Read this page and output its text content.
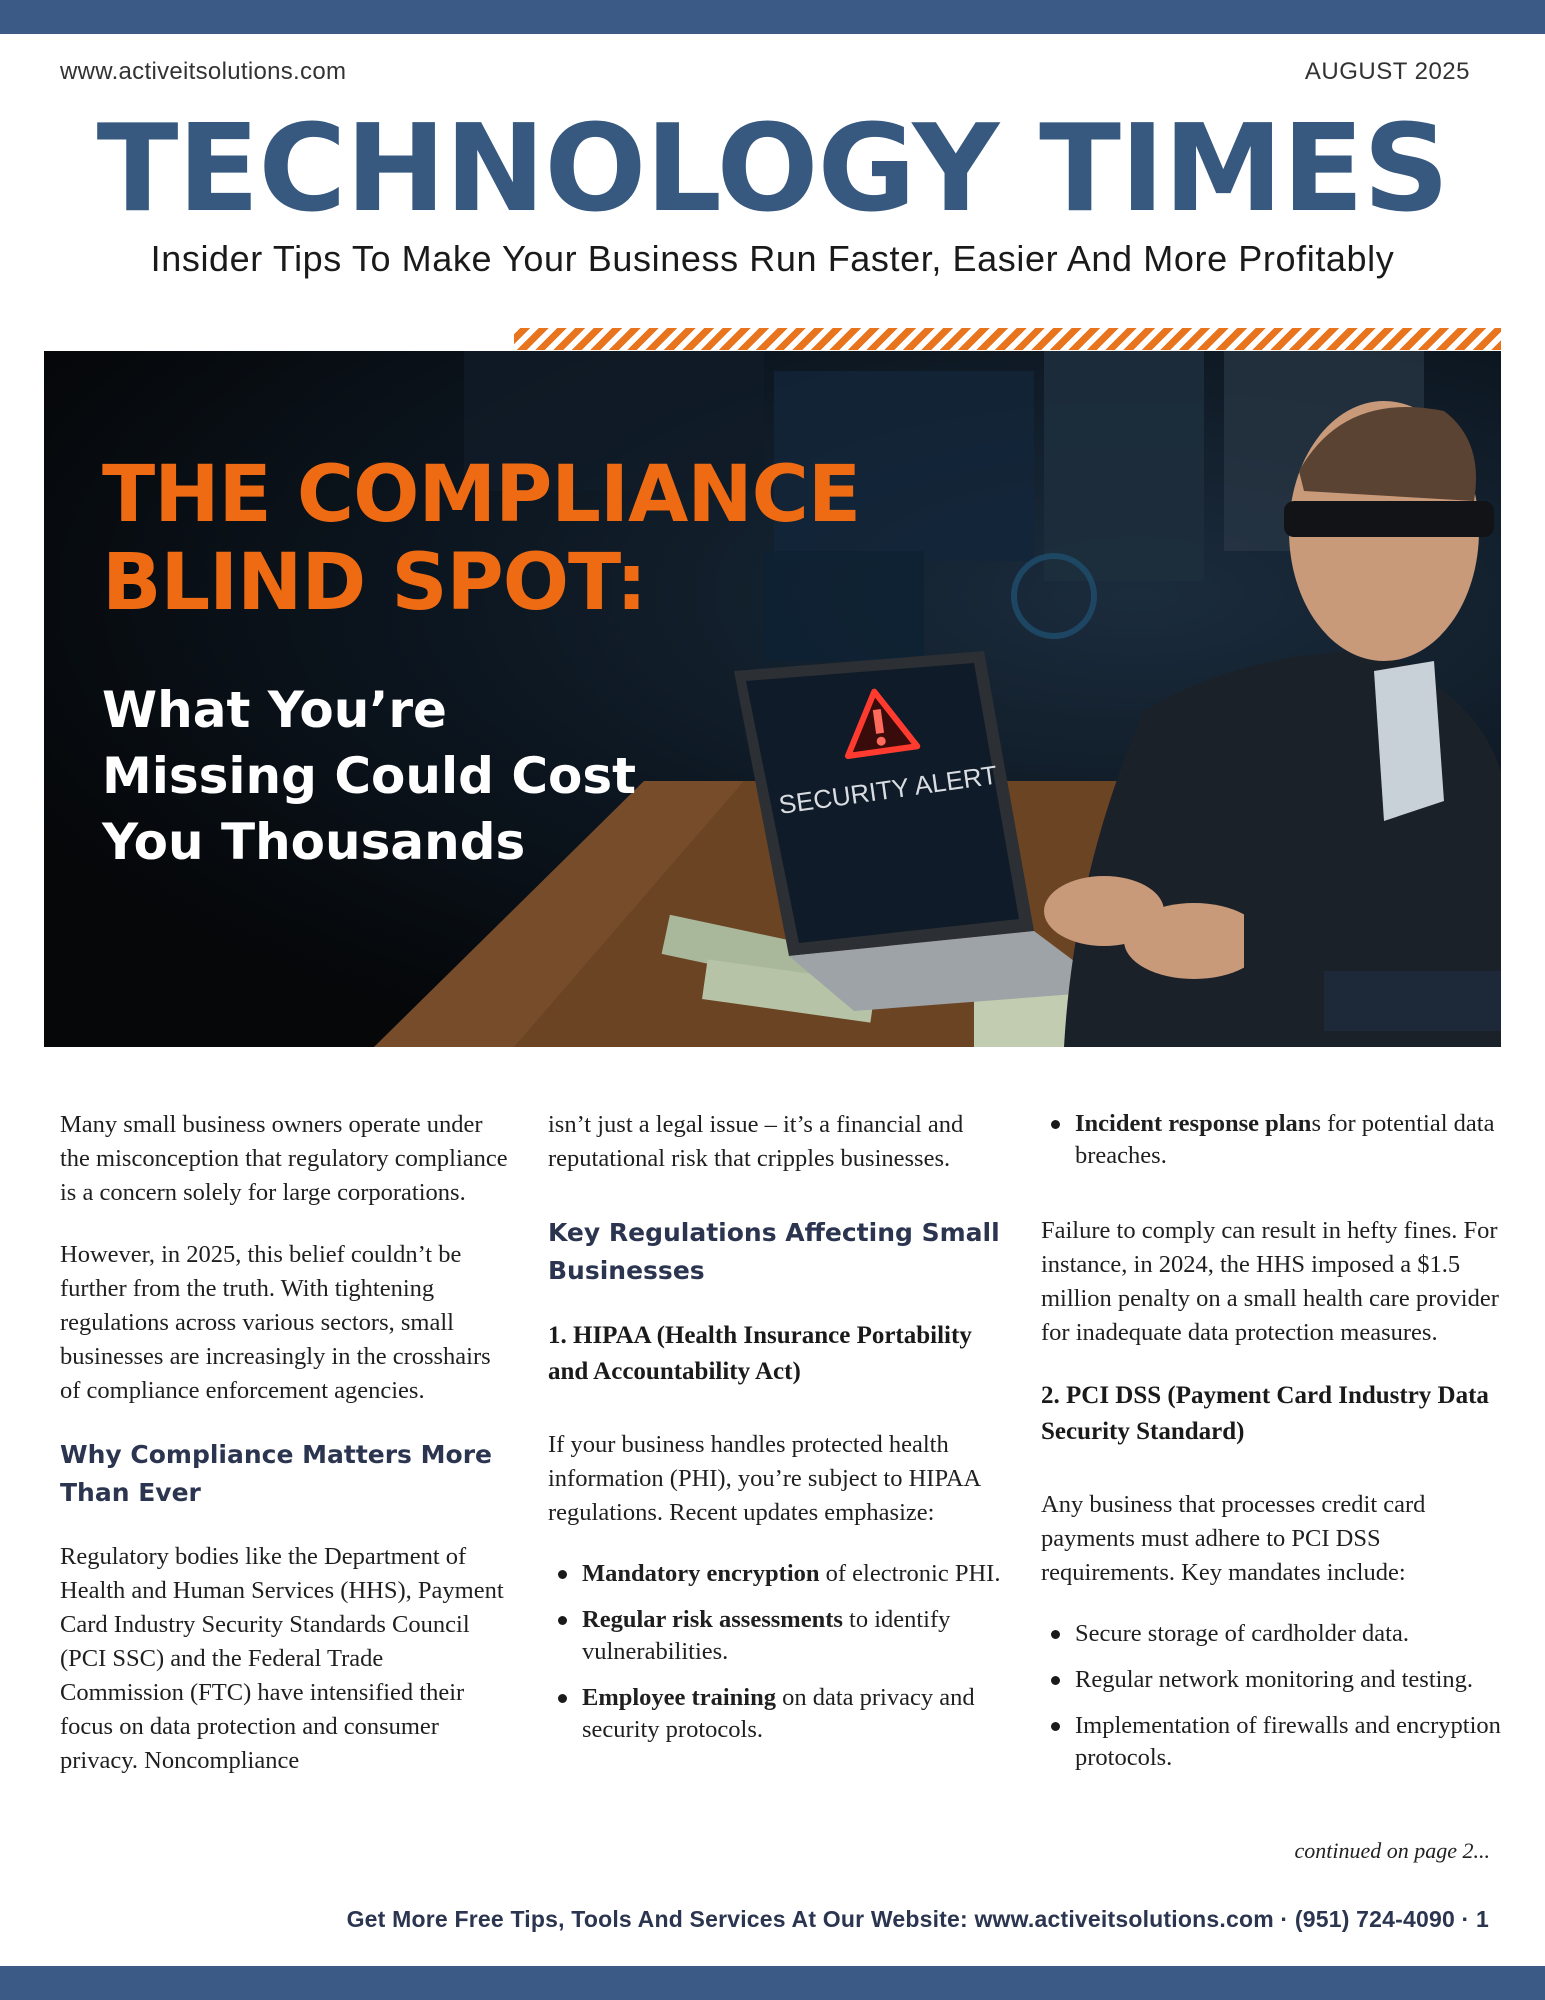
www.activeitsolutions.com	AUGUST 2025
TECHNOLOGY TIMES
Insider Tips To Make Your Business Run Faster, Easier And More Profitably
THE COMPLIANCE
BLIND SPOT:
What You’re
Missing Could Cost
You Thousands
SECURITY ALERT

Many small business owners operate under the misconception that regulatory compliance is a concern solely for large corporations.

However, in 2025, this belief couldn’t be further from the truth. With tightening regulations across various sectors, small businesses are increasingly in the crosshairs of compliance enforcement agencies.

Why Compliance Matters More Than Ever

Regulatory bodies like the Department of Health and Human Services (HHS), Payment Card Industry Security Standards Council (PCI SSC) and the Federal Trade Commission (FTC) have intensified their focus on data protection and consumer privacy. Noncompliance

isn’t just a legal issue – it’s a financial and reputational risk that cripples businesses.

Key Regulations Affecting Small Businesses
1. HIPAA (Health Insurance Portability and Accountability Act)

If your business handles protected health information (PHI), you’re subject to HIPAA regulations. Recent updates emphasize:

Mandatory encryption of electronic PHI.
Regular risk assessments to identify vulnerabilities.
Employee training on data privacy and security protocols.
Incident response plans for potential data breaches.

Failure to comply can result in hefty fines. For instance, in 2024, the HHS imposed a $1.5 million penalty on a small health care provider for inadequate data protection measures.

2. PCI DSS (Payment Card Industry Data Security Standard)

Any business that processes credit card payments must adhere to PCI DSS requirements. Key mandates include:

Secure storage of cardholder data.
Regular network monitoring and testing.
Implementation of firewalls and encryption protocols.
continued on page 2...
Get More Free Tips, Tools And Services At Our Website: www.activeitsolutions.com · (951) 724-4090 · 1
